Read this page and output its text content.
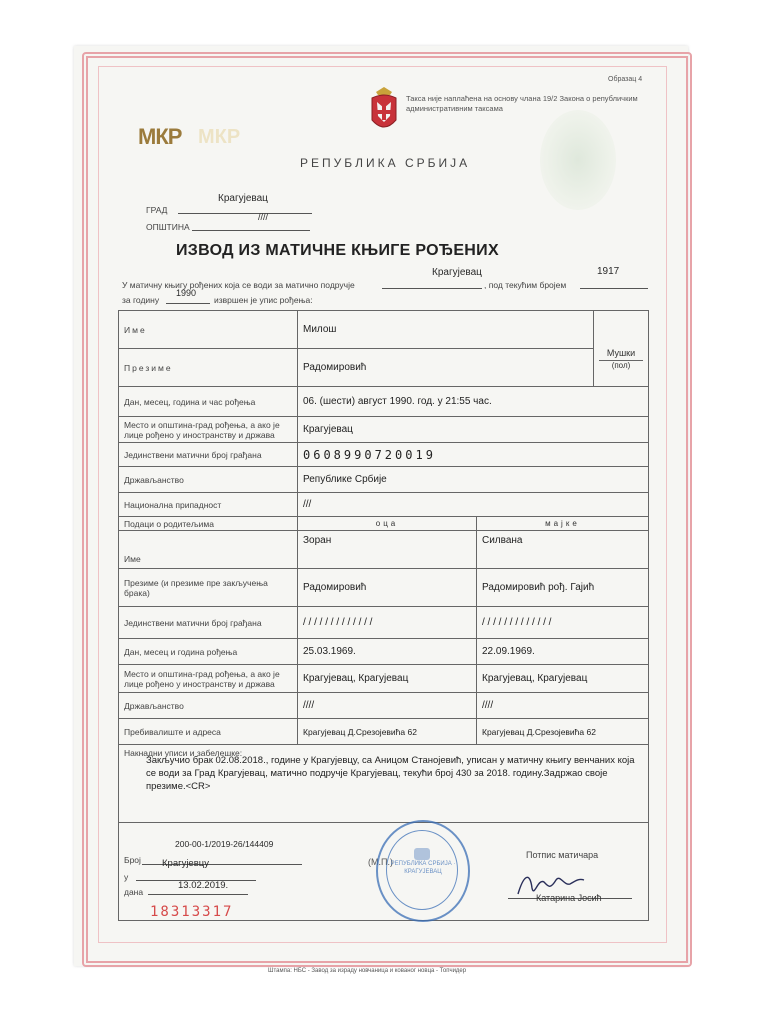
Образац 4
Такса није наплаћена на основу члана 19/2 Закона о републичким административним таксама
МКР МКР
РЕПУБЛИКА СРБИЈА
ГРАД
Крагујевац
ОПШТИНА
////
ИЗВОД ИЗ МАТИЧНЕ КЊИГЕ РОЂЕНИХ
У матичну књигу рођених која се води за матично подручје
Крагујевац
, под текућим бројем
1917
за годину
1990
извршен је упис рођења:
Име	Милош		Мушки
(пол)

Презиме	Радомировић		
Дан, месец, година и час рођења	06. (шести) август 1990. год. у 21:55 час.		
Место и општина-град рођења, а ако је лице рођено у иностранству и држава	Крагујевац		
Јединствени матични број грађана	0608990720019		
Држављанство	Републике Србије		
Национална припадност	///		
Подаци о родитељима	оца	мајке	
Име	Зоран	Силвана	
Презиме (и презиме пре закључења брака)	Радомировић	Радомировић рођ. Гајић	
Јединствени матични број грађана	/ / / / / / / / / / / / /	/ / / / / / / / / / / / /	
Дан, месец и година рођења	25.03.1969.	22.09.1969.	
Место и општина-град рођења, а ако је лице рођено у иностранству и држава	Крагујевац, Крагујевац	Крагујевац, Крагујевац	
Држављанство	////	////	
Пребивалиште и адреса	Крагујевац Д.Срезојевића 62	Крагујевац Д.Срезојевића 62	

Накнадни уписи и забелешке:
Закључио брак 02.08.2018., године у Крагујевцу, са Аницом Станојевић, уписан у матичну књигу венчаних која се води за Град Крагујевац, матично подручје Крагујевац, текући број 430 за 2018. годину.Задржао своје презиме.<CR>			

Број
200-00-1/2019-26/144409
у
Крагујевцу
дана
13.02.2019.
18313317
(М.П.)
РЕПУБЛИКА СРБИЈА · КРАГУЈЕВАЦ
Потпис матичара
Катарина Јосић
Штампа: НБС - Завод за израду новчаница и кованог новца - Топчидер
